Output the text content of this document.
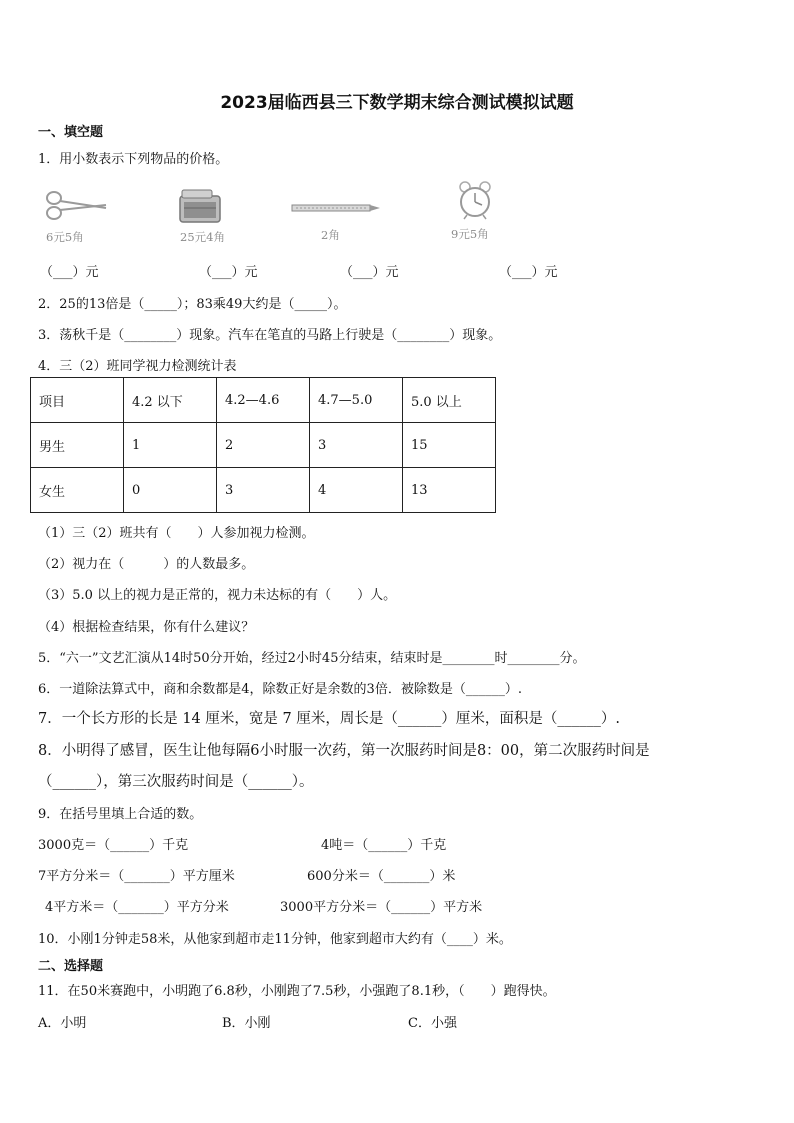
2023届临西县三下数学期末综合测试模拟试题
一、填空题
1．用小数表示下列物品的价格。
6元5角	25元4角	2角	9元5角
（___）元	（___）元	（___）元	（___）元
2．25的13倍是（_____）；83乘49大约是（_____）。
3．荡秋千是（________）现象。汽车在笔直的马路上行驶是（________）现象。
4．三（2）班同学视力检测统计表
项目	4.2 以下	4.2—4.6	4.7—5.0	5.0 以上
男生	1	2	3	15
女生	0	3	4	13
（1）三（2）班共有（　　）人参加视力检测。
（2）视力在（　　　）的人数最多。
（3）5.0 以上的视力是正常的，视力未达标的有（　　）人。
（4）根据检查结果，你有什么建议？
5．“六一”文艺汇演从14时50分开始，经过2小时45分结束，结束时是________时________分。
6．一道除法算式中，商和余数都是4，除数正好是余数的3倍．被除数是（______）.
7．一个长方形的长是 14 厘米，宽是 7 厘米，周长是（______）厘米，面积是（______）.
8．小明得了感冒，医生让他每隔6小时服一次药，第一次服药时间是8：00，第二次服药时间是
（______），第三次服药时间是（______）。
9．在括号里填上合适的数。
3000克＝（______）千克	4吨＝（______）千克
7平方分米＝（_______）平方厘米	600分米＝（_______）米
4平方米＝（_______）平方分米	3000平方分米＝（______）平方米
10．小刚1分钟走58米，从他家到超市走11分钟，他家到超市大约有（____）米。
二、选择题
11．在50米赛跑中，小明跑了6.8秒，小刚跑了7.5秒，小强跑了8.1秒，（　　）跑得快。
A．小明	B．小刚	C．小强
